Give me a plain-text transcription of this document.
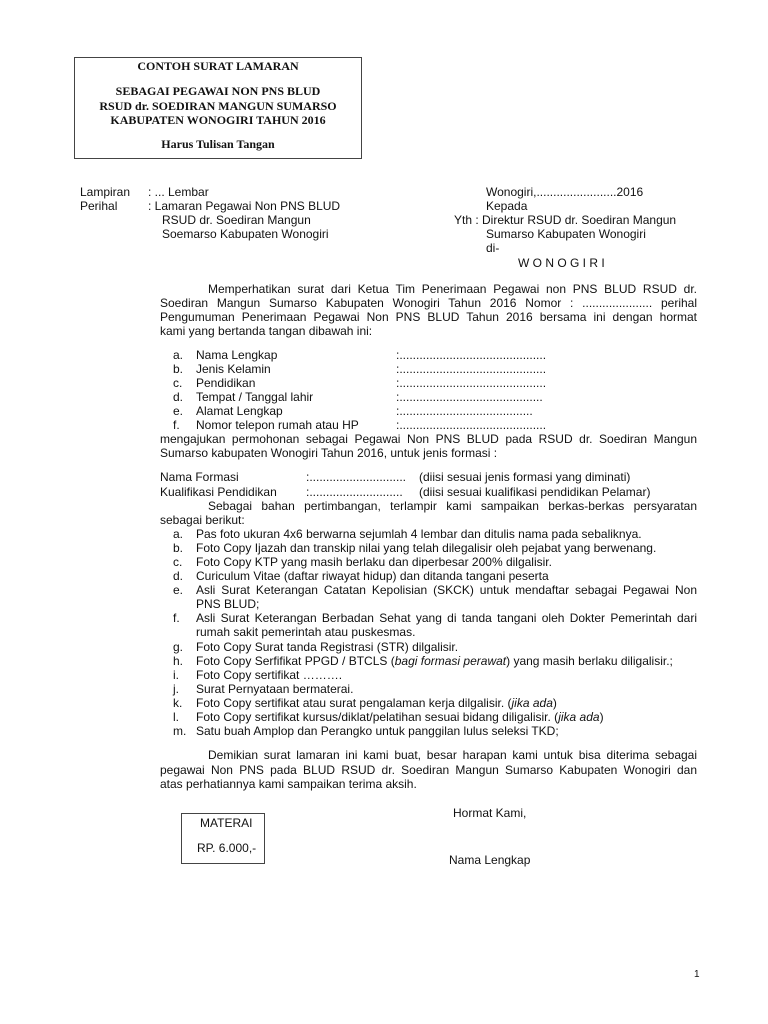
CONTOH SURAT LAMARAN
SEBAGAI PEGAWAI NON PNS BLUD
RSUD dr. SOEDIRAN MANGUN SUMARSO
KABUPATEN WONOGIRI TAHUN 2016
Harus Tulisan Tangan
Lampiran : ... Lembar
Perihal	: Lamaran Pegawai Non PNS BLUD
RSUD dr. Soediran Mangun
Soemarso Kabupaten Wonogiri
Wonogiri,........................2016
Kepada
Yth : Direktur RSUD dr. Soediran Mangun
Sumarso Kabupaten Wonogiri
di-
W O N O G I R I
Memperhatikan surat dari Ketua Tim Penerimaan Pegawai non PNS BLUD RSUD dr.
Soediran Mangun Sumarso Kabupaten Wonogiri Tahun 2016 Nomor : ..................... perihal
Pengumuman Penerimaan Pegawai Non PNS BLUD Tahun 2016 bersama ini dengan hormat
kami yang bertanda tangan dibawah ini:
a. Nama Lengkap	:............................................
b. Jenis Kelamin	:............................................
c. Pendidikan	:............................................
d. Tempat / Tanggal lahir	:...........................................
e. Alamat Lengkap	:........................................
f. Nomor telepon rumah atau HP	:............................................
mengajukan permohonan sebagai Pegawai Non PNS BLUD pada RSUD dr. Soediran Mangun
Sumarso kabupaten Wonogiri Tahun 2016, untuk jenis formasi :
Nama Formasi	:............................. (diisi sesuai jenis formasi yang diminati)
Kualifikasi Pendidikan :............................ (diisi sesuai kualifikasi pendidikan Pelamar)
Sebagai bahan pertimbangan, terlampir kami sampaikan berkas-berkas persyaratan
sebagai berikut:
a. Pas foto ukuran 4x6 berwarna sejumlah 4 lembar dan ditulis nama pada sebaliknya.
b. Foto Copy Ijazah dan transkip nilai yang telah dilegalisir oleh pejabat yang berwenang.
c. Foto Copy KTP yang masih berlaku dan diperbesar 200% dilgalisir.
d. Curiculum Vitae (daftar riwayat hidup) dan ditanda tangani peserta
e. Asli Surat Keterangan Catatan Kepolisian (SKCK) untuk mendaftar sebagai Pegawai Non
PNS BLUD;
f. Asli Surat Keterangan Berbadan Sehat yang di tanda tangani oleh Dokter Pemerintah dari
rumah sakit pemerintah atau puskesmas.
g. Foto Copy Surat tanda Registrasi (STR) dilgalisir.
h. Foto Copy Serfifikat PPGD / BTCLS (bagi formasi perawat) yang masih berlaku diligalisir.;
i. Foto Copy sertifikat ……….
j. Surat Pernyataan bermaterai.
k. Foto Copy sertifikat atau surat pengalaman kerja dilgalisir. (jika ada)
l. Foto Copy sertifikat kursus/diklat/pelatihan sesuai bidang diligalisir. (jika ada)
m. Satu buah Amplop dan Perangko untuk panggilan lulus seleksi TKD;
Demikian surat lamaran ini kami buat, besar harapan kami untuk bisa diterima sebagai
pegawai Non PNS pada BLUD RSUD dr. Soediran Mangun Sumarso Kabupaten Wonogiri dan
atas perhatiannya kami sampaikan terima aksih.
Hormat Kami,
MATERAI
RP. 6.000,-
Nama Lengkap
1
